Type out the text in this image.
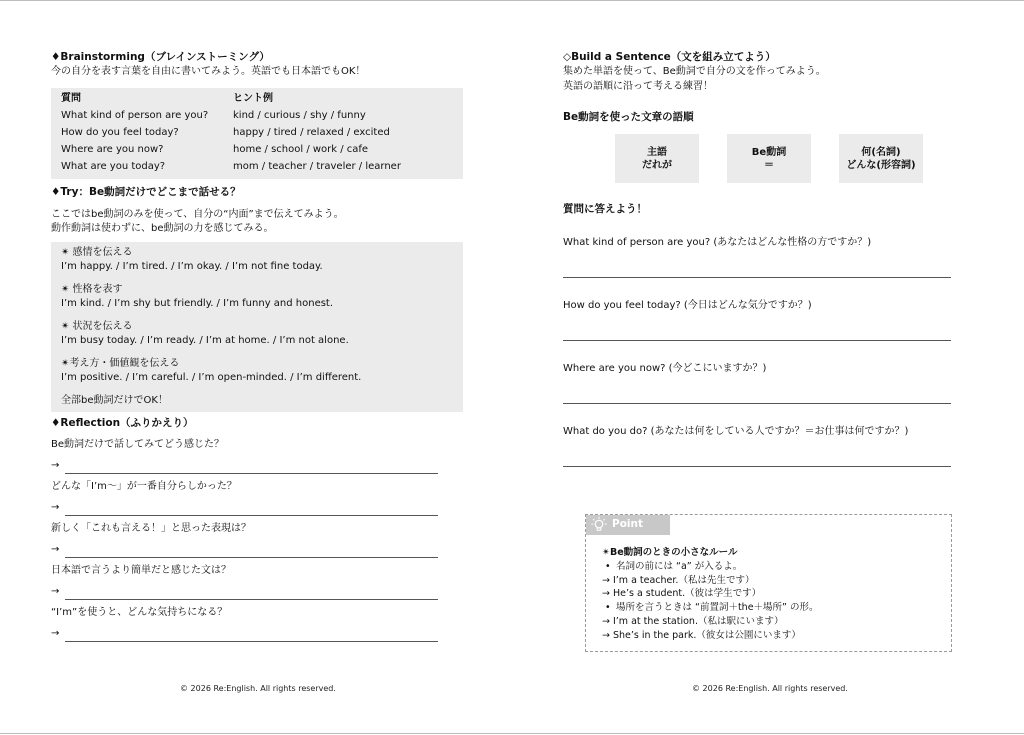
♦Brainstorming（ブレインストーミング）
今の自分を表す言葉を自由に書いてみよう。英語でも日本語でもOK！
質問	ヒント例
What kind of person are you?	kind / curious / shy / funny
How do you feel today?	happy / tired / relaxed / excited
Where are you now?	home / school / work / cafe
What are you today?	mom / teacher / traveler / learner
♦Try：Be動詞だけでどこまで話せる？
ここではbe動詞のみを使って、自分の“内面”まで伝えてみよう。
動作動詞は使わずに、be動詞の力を感じてみる。
✴︎ 感情を伝える
I’m happy. / I’m tired. / I’m okay. / I’m not fine today.
✴︎ 性格を表す
I’m kind. / I’m shy but friendly. / I’m funny and honest.
✴︎ 状況を伝える
I’m busy today. / I’m ready. / I’m at home. / I’m not alone.
✴︎考え方・価値観を伝える
I’m positive. / I’m careful. / I’m open-minded. / I’m different.
全部be動詞だけでOK！
♦Reflection（ふりかえり）
Be動詞だけで話してみてどう感じた？
→
どんな「I’m〜」が一番自分らしかった？
→
新しく「これも言える！」と思った表現は？
→
日本語で言うより簡単だと感じた文は？
→
“I’m”を使うと、どんな気持ちになる？
→
© 2026 Re:English. All rights reserved.
◇Build a Sentence（文を組み立てよう）
集めた単語を使って、Be動詞で自分の文を作ってみよう。
英語の語順に沿って考える練習！
Be動詞を使った文章の語順
主語
だれが
Be動詞
＝
何(名詞)
どんな(形容詞)
質問に答えよう！
What kind of person are you? (あなたはどんな性格の方ですか？)
How do you feel today? (今日はどんな気分ですか？)
Where are you now? (今どこにいますか？)
What do you do? (あなたは何をしている人ですか？＝お仕事は何ですか？)
Point
✴︎Be動詞のときの小さなルール
• 名詞の前には “a” が入るよ。
→ I’m a teacher.（私は先生です）
→ He’s a student.（彼は学生です）
• 場所を言うときは “前置詞＋the＋場所” の形。
→ I’m at the station.（私は駅にいます）
→ She’s in the park.（彼女は公園にいます）
© 2026 Re:English. All rights reserved.
